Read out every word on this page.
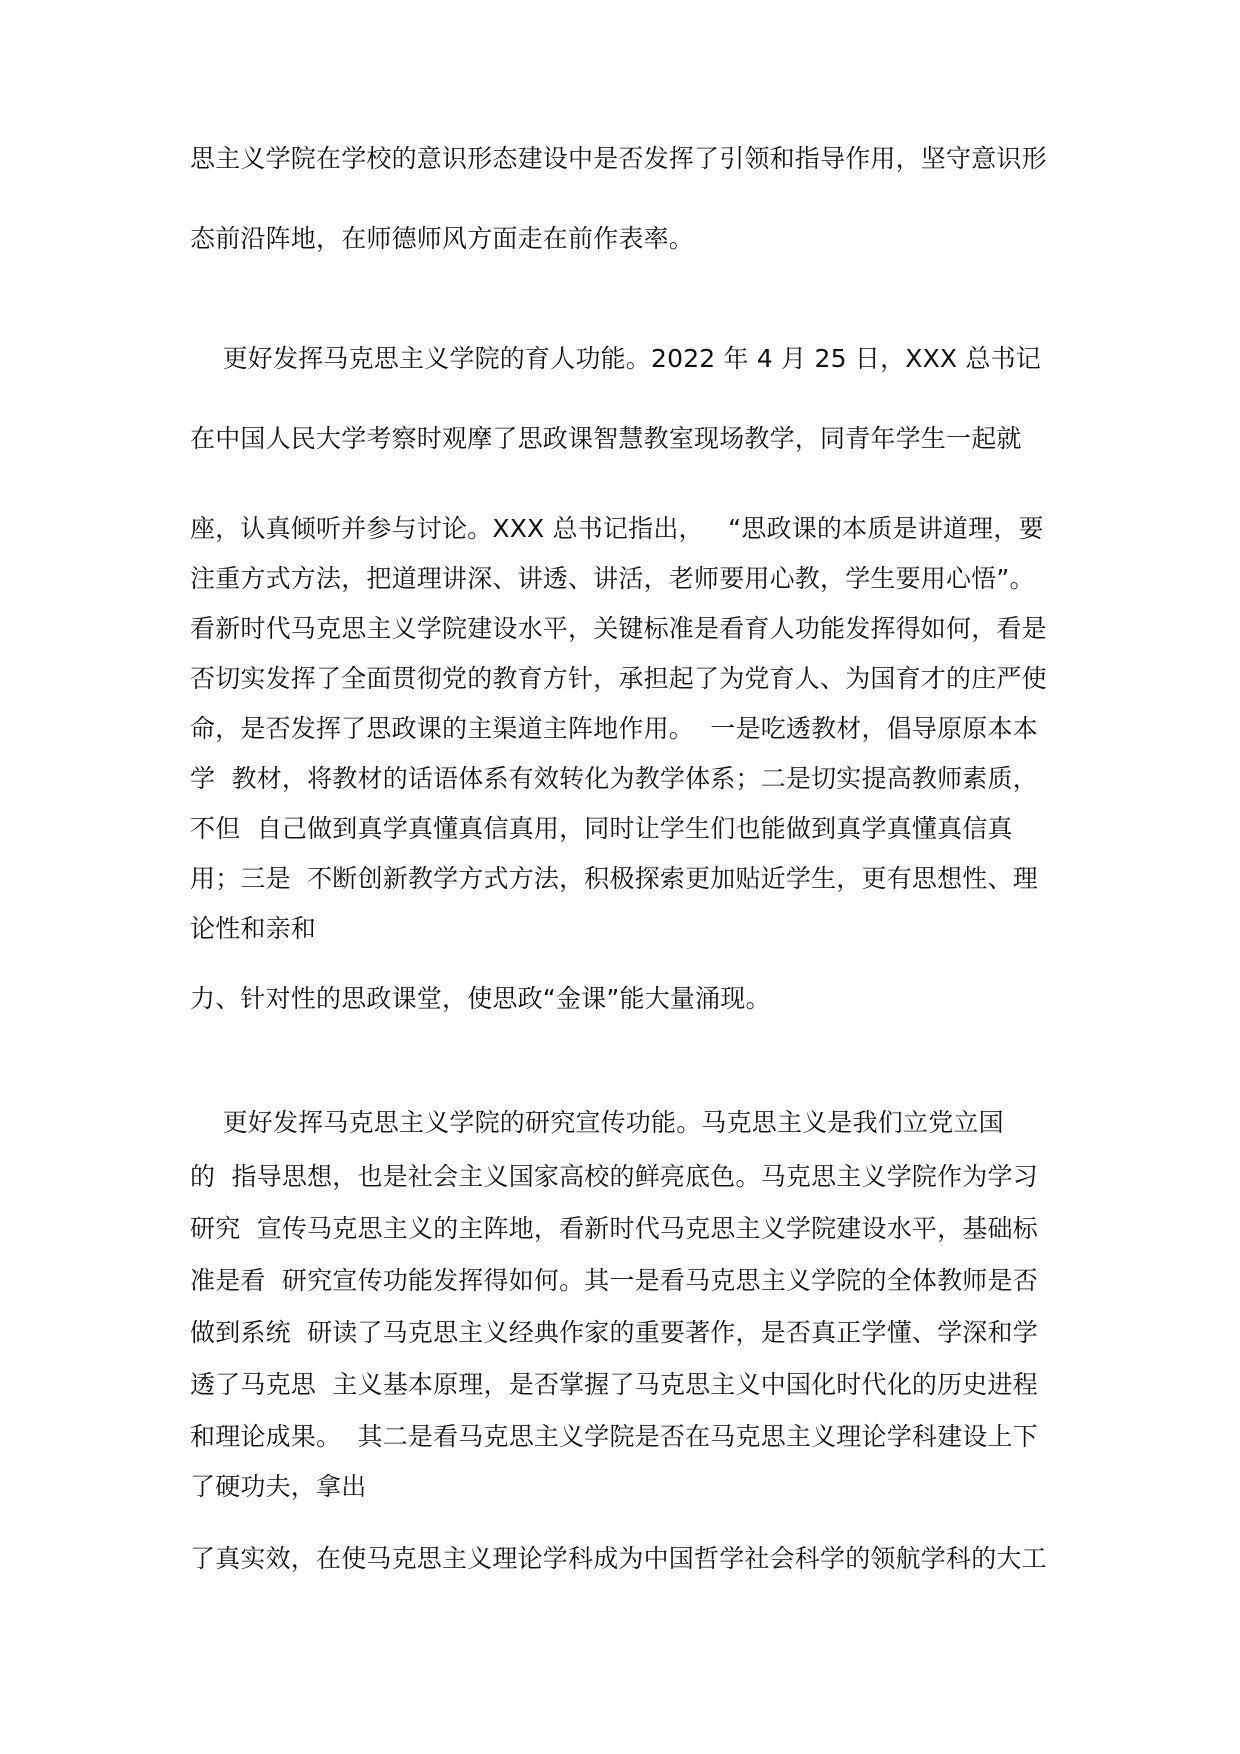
思主义学院在学校的意识形态建设中是否发挥了引领和指导作用，坚守意识形
态前沿阵地，在师德师风方面走在前作表率。
更好发挥马克思主义学院的育人功能。2022 年 4 月 25 日，XXX 总书记
在中国人民大学考察时观摩了思政课智慧教室现场教学，同青年学生一起就
座，认真倾听并参与讨论。XXX 总书记指出，   “思政课的本质是讲道理，要
注重方式方法，把道理讲深、讲透、讲活，老师要用心教，学生要用心悟”。
看新时代马克思主义学院建设水平，关键标准是看育人功能发挥得如何，看是
否切实发挥了全面贯彻党的教育方针，承担起了为党育人、为国育才的庄严使
命，是否发挥了思政课的主渠道主阵地作用。  一是吃透教材，倡导原原本本
学  教材，将教材的话语体系有效转化为教学体系；二是切实提高教师素质，
不但  自己做到真学真懂真信真用，同时让学生们也能做到真学真懂真信真
用；三是  不断创新教学方式方法，积极探索更加贴近学生，更有思想性、理
论性和亲和
力、针对性的思政课堂，使思政“金课”能大量涌现。
更好发挥马克思主义学院的研究宣传功能。马克思主义是我们立党立国
的  指导思想，也是社会主义国家高校的鲜亮底色。马克思主义学院作为学习
研究  宣传马克思主义的主阵地，看新时代马克思主义学院建设水平，基础标
准是看  研究宣传功能发挥得如何。其一是看马克思主义学院的全体教师是否
做到系统  研读了马克思主义经典作家的重要著作，是否真正学懂、学深和学
透了马克思  主义基本原理，是否掌握了马克思主义中国化时代化的历史进程
和理论成果。  其二是看马克思主义学院是否在马克思主义理论学科建设上下
了硬功夫，拿出
了真实效，在使马克思主义理论学科成为中国哲学社会科学的领航学科的大工
